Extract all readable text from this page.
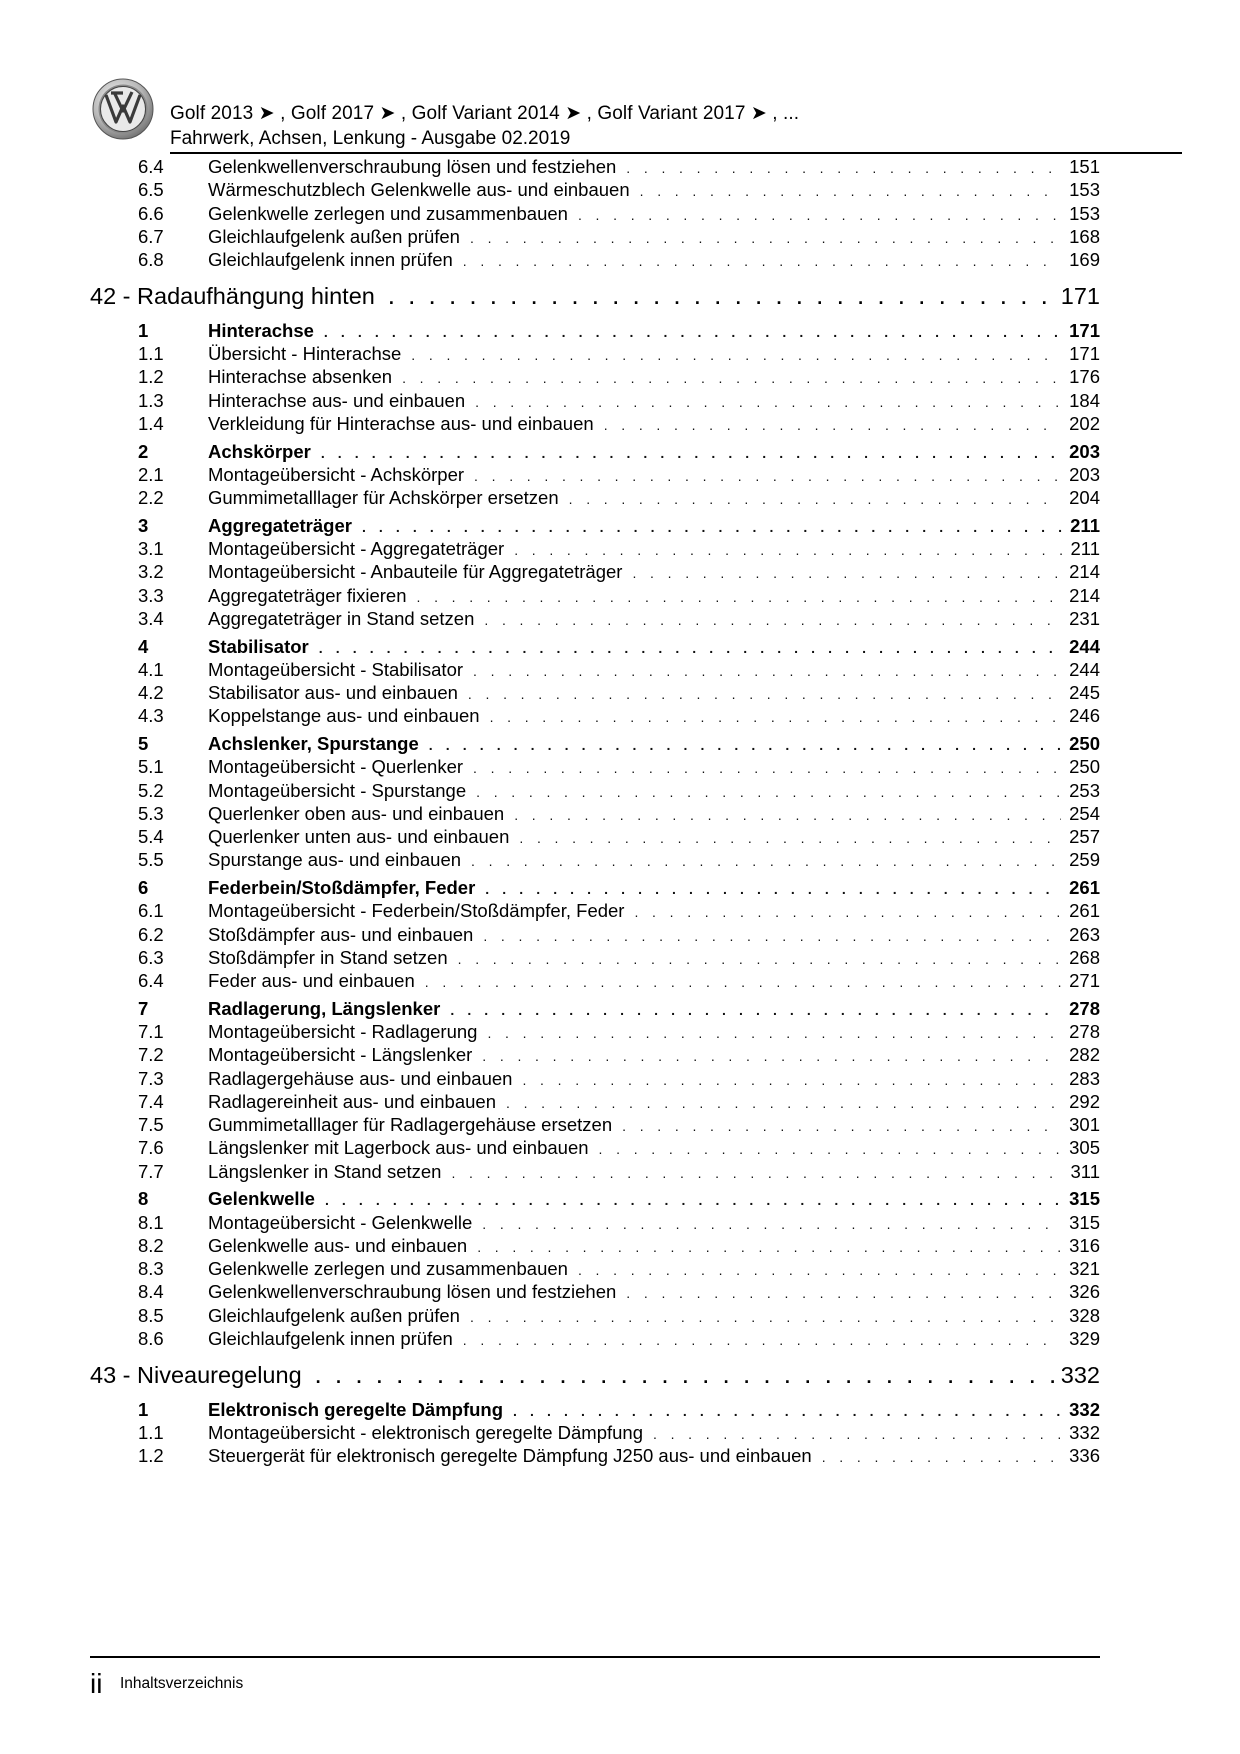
Golf 2013 ➤ , Golf 2017 ➤ , Golf Variant 2014 ➤ , Golf Variant 2017 ➤ , ...
Fahrwerk, Achsen, Lenkung - Ausgabe 02.2019
6.4 Gelenkwellenverschraubung lösen und festziehen . . .	151
6.5 Wärmeschutzblech Gelenkwelle aus- und einbauen . . .	153
6.6 Gelenkwelle zerlegen und zusammenbauen . . .	153
6.7 Gleichlaufgelenk außen prüfen . . .	168
6.8 Gleichlaufgelenk innen prüfen . . .	169
42 - Radaufhängung hinten . . .	171
1	Hinterachse . . .	171
1.1 Übersicht - Hinterachse . . .	171
1.2 Hinterachse absenken . . .	176
1.3 Hinterachse aus- und einbauen . . .	184
1.4 Verkleidung für Hinterachse aus- und einbauen . . .	202
2	Achskörper . . .	203
2.1 Montageübersicht - Achskörper . . .	203
2.2 Gummimetalllager für Achskörper ersetzen . . .	204
3	Aggregateträger . . .	211
3.1 Montageübersicht - Aggregateträger . . .	211
3.2 Montageübersicht - Anbauteile für Aggregateträger . . .	214
3.3 Aggregateträger fixieren . . .	214
3.4 Aggregateträger in Stand setzen . . .	231
4	Stabilisator . . .	244
4.1 Montageübersicht - Stabilisator . . .	244
4.2 Stabilisator aus- und einbauen . . .	245
4.3 Koppelstange aus- und einbauen . . .	246
5	Achslenker, Spurstange . . .	250
5.1 Montageübersicht - Querlenker . . .	250
5.2 Montageübersicht - Spurstange . . .	253
5.3 Querlenker oben aus- und einbauen . . .	254
5.4 Querlenker unten aus- und einbauen . . .	257
5.5 Spurstange aus- und einbauen . . .	259
6	Federbein/Stoßdämpfer, Feder . . .	261
6.1 Montageübersicht - Federbein/Stoßdämpfer, Feder . . .	261
6.2 Stoßdämpfer aus- und einbauen . . .	263
6.3 Stoßdämpfer in Stand setzen . . .	268
6.4 Feder aus- und einbauen . . .	271
7	Radlagerung, Längslenker . . .	278
7.1 Montageübersicht - Radlagerung . . .	278
7.2 Montageübersicht - Längslenker . . .	282
7.3 Radlagergehäuse aus- und einbauen . . .	283
7.4 Radlagereinheit aus- und einbauen . . .	292
7.5 Gummimetalllager für Radlagergehäuse ersetzen . . .	301
7.6 Längslenker mit Lagerbock aus- und einbauen . . .	305
7.7 Längslenker in Stand setzen . . .	311
8	Gelenkwelle . . .	315
8.1 Montageübersicht - Gelenkwelle . . .	315
8.2 Gelenkwelle aus- und einbauen . . .	316
8.3 Gelenkwelle zerlegen und zusammenbauen . . .	321
8.4 Gelenkwellenverschraubung lösen und festziehen . . .	326
8.5 Gleichlaufgelenk außen prüfen . . .	328
8.6 Gleichlaufgelenk innen prüfen . . .	329
43 - Niveauregelung . . .	332
1	Elektronisch geregelte Dämpfung . . .	332
1.1 Montageübersicht - elektronisch geregelte Dämpfung . . .	332
1.2 Steuergerät für elektronisch geregelte Dämpfung J250 aus- und einbauen . . .	336
ii Inhaltsverzeichnis
